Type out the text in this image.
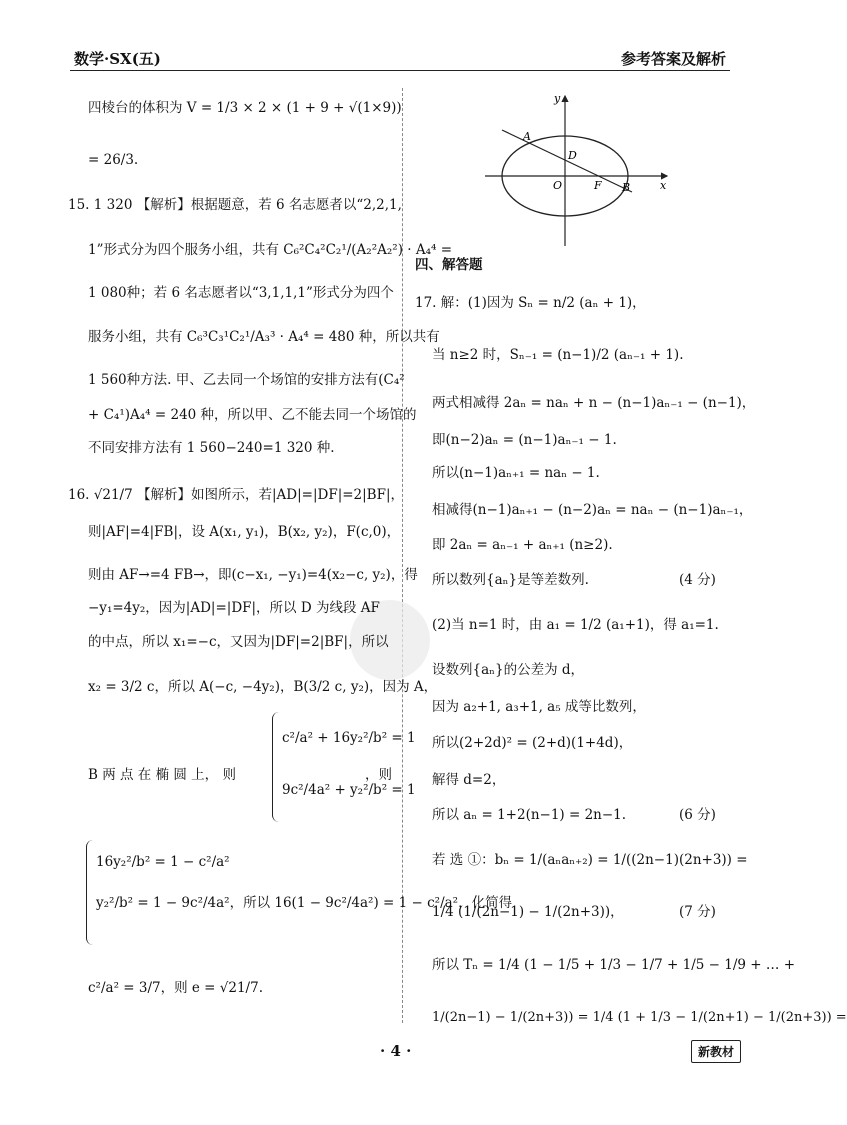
数学·SX(五)	参考答案及解析
四棱台的体积为 V = 1/3 × 2 × (1 + 9 + √(1×9))
= 26/3.
15. 1 320 【解析】根据题意，若 6 名志愿者以“2,2,1,
1”形式分为四个服务小组，共有 C₆²C₄²C₂¹/(A₂²A₂²) · A₄⁴ =
1 080种；若 6 名志愿者以“3,1,1,1”形式分为四个
服务小组，共有 C₆³C₃¹C₂¹/A₃³ · A₄⁴ = 480 种，所以共有
1 560种方法. 甲、乙去同一个场馆的安排方法有(C₄²
+ C₄¹)A₄⁴ = 240 种，所以甲、乙不能去同一个场馆的
不同安排方法有 1 560−240=1 320 种.
16. √21/7 【解析】如图所示，若|AD|=|DF|=2|BF|，
则|AF|=4|FB|，设 A(x₁, y₁)，B(x₂, y₂)，F(c,0)，
则由 AF→=4 FB→，即(c−x₁, −y₁)=4(x₂−c, y₂)，得
−y₁=4y₂，因为|AD|=|DF|，所以 D 为线段 AF
的中点，所以 x₁=−c，又因为|DF|=2|BF|，所以
x₂ = 3/2 c，所以 A(−c, −4y₂)，B(3/2 c, y₂)，因为 A，
c²/a² + 16y₂²/b² = 1
B 两 点 在 椭 圆 上， 则
9c²/4a² + y₂²/b² = 1
，则
16y₂²/b² = 1 − c²/a²
y₂²/b² = 1 − 9c²/4a²，所以 16(1 − 9c²/4a²) = 1 − c²/a²，化简得
c²/a² = 3/7，则 e = √21/7.
y
x
A
D
O	F B
四、解答题
17. 解：(1)因为 Sₙ = n/2 (aₙ + 1)，
当 n≥2 时，Sₙ₋₁ = (n−1)/2 (aₙ₋₁ + 1).
两式相减得 2aₙ = naₙ + n − (n−1)aₙ₋₁ − (n−1)，
即(n−2)aₙ = (n−1)aₙ₋₁ − 1.
所以(n−1)aₙ₊₁ = naₙ − 1.
相减得(n−1)aₙ₊₁ − (n−2)aₙ = naₙ − (n−1)aₙ₋₁，
即 2aₙ = aₙ₋₁ + aₙ₊₁ (n≥2).
所以数列{aₙ}是等差数列.	(4 分)
(2)当 n=1 时，由 a₁ = 1/2 (a₁+1)，得 a₁=1.
设数列{aₙ}的公差为 d，
因为 a₂+1, a₃+1, a₅ 成等比数列，
所以(2+2d)² = (2+d)(1+4d)，
解得 d=2，
所以 aₙ = 1+2(n−1) = 2n−1.	(6 分)
若 选 ①：bₙ = 1/(aₙaₙ₊₂) = 1/((2n−1)(2n+3)) =
1/4 (1/(2n−1) − 1/(2n+3))，	(7 分)
所以 Tₙ = 1/4 (1 − 1/5 + 1/3 − 1/7 + 1/5 − 1/9 + … +
1/(2n−1) − 1/(2n+3)) = 1/4 (1 + 1/3 − 1/(2n+1) − 1/(2n+3)) =
· 4 ·	新教材
